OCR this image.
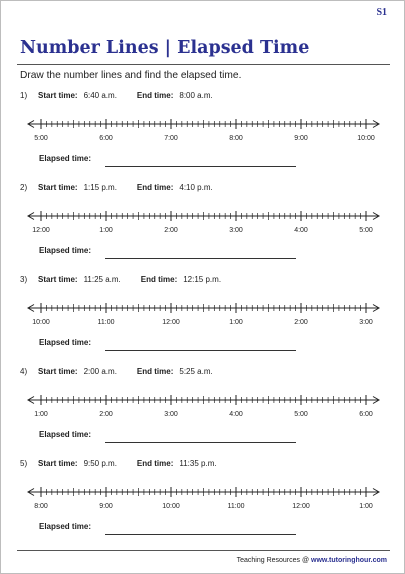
S1
Number Lines | Elapsed Time
Draw the number lines and find the elapsed time.
1) Start time: 6:40 a.m.	End time: 8:00 a.m.
5:00	6:00	7:00	8:00	9:00	10:00
Elapsed time:
2) Start time: 1:15 p.m.	End time: 4:10 p.m.
12:00	1:00	2:00	3:00	4:00	5:00
Elapsed time:
3) Start time: 11:25 a.m.	End time: 12:15 p.m.
10:00	11:00	12:00	1:00	2:00	3:00
Elapsed time:
4) Start time: 2:00 a.m.	End time: 5:25 a.m.
1:00	2:00	3:00	4:00	5:00	6:00
Elapsed time:
5) Start time: 9:50 p.m.	End time: 11:35 p.m.
8:00	9:00	10:00	11:00	12:00	1:00
Elapsed time:
Teaching Resources @ www.tutoringhour.com
